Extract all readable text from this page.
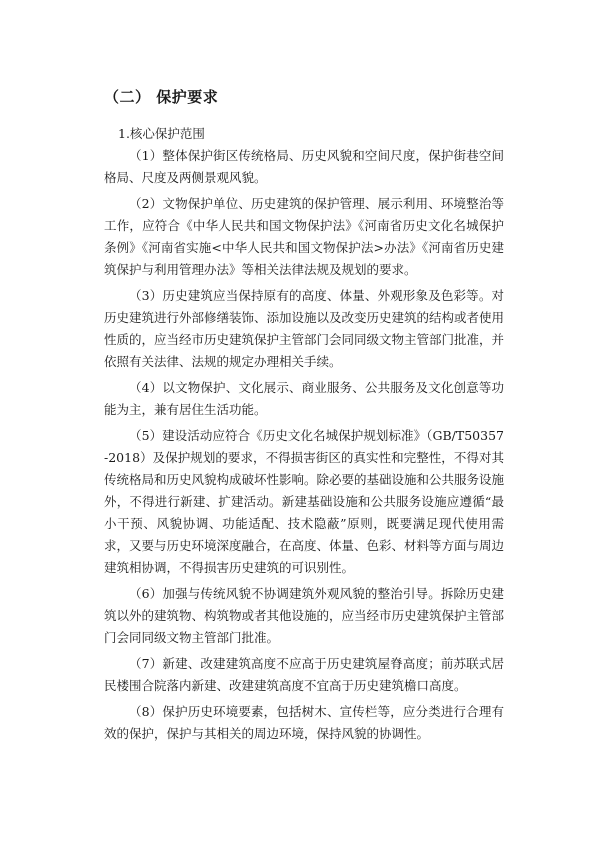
（二） 保护要求
1.核心保护范围

（1）整体保护街区传统格局、历史风貌和空间尺度，保护街巷空间格局、尺度及两侧景观风貌。

（2）文物保护单位、历史建筑的保护管理、展示利用、环境整治等工作，应符合《中华人民共和国文物保护法》《河南省历史文化名城保护条例》《河南省实施<中华人民共和国文物保护法>办法》《河南省历史建筑保护与利用管理办法》等相关法律法规及规划的要求。

（3）历史建筑应当保持原有的高度、体量、外观形象及色彩等。对历史建筑进行外部修缮装饰、添加设施以及改变历史建筑的结构或者使用性质的，应当经市历史建筑保护主管部门会同同级文物主管部门批准，并依照有关法律、法规的规定办理相关手续。

（4）以文物保护、文化展示、商业服务、公共服务及文化创意等功能为主，兼有居住生活功能。

（5）建设活动应符合《历史文化名城保护规划标准》（GB/T50357-2018）及保护规划的要求，不得损害街区的真实性和完整性，不得对其传统格局和历史风貌构成破坏性影响。除必要的基础设施和公共服务设施外，不得进行新建、扩建活动。新建基础设施和公共服务设施应遵循“最小干预、风貌协调、功能适配、技术隐蔽”原则，既要满足现代使用需求，又要与历史环境深度融合，在高度、体量、色彩、材料等方面与周边建筑相协调，不得损害历史建筑的可识别性。

（6）加强与传统风貌不协调建筑外观风貌的整治引导。拆除历史建筑以外的建筑物、构筑物或者其他设施的，应当经市历史建筑保护主管部门会同同级文物主管部门批准。

（7）新建、改建建筑高度不应高于历史建筑屋脊高度；前苏联式居民楼围合院落内新建、改建建筑高度不宜高于历史建筑檐口高度。

（8）保护历史环境要素，包括树木、宣传栏等，应分类进行合理有效的保护，保护与其相关的周边环境，保持风貌的协调性。
